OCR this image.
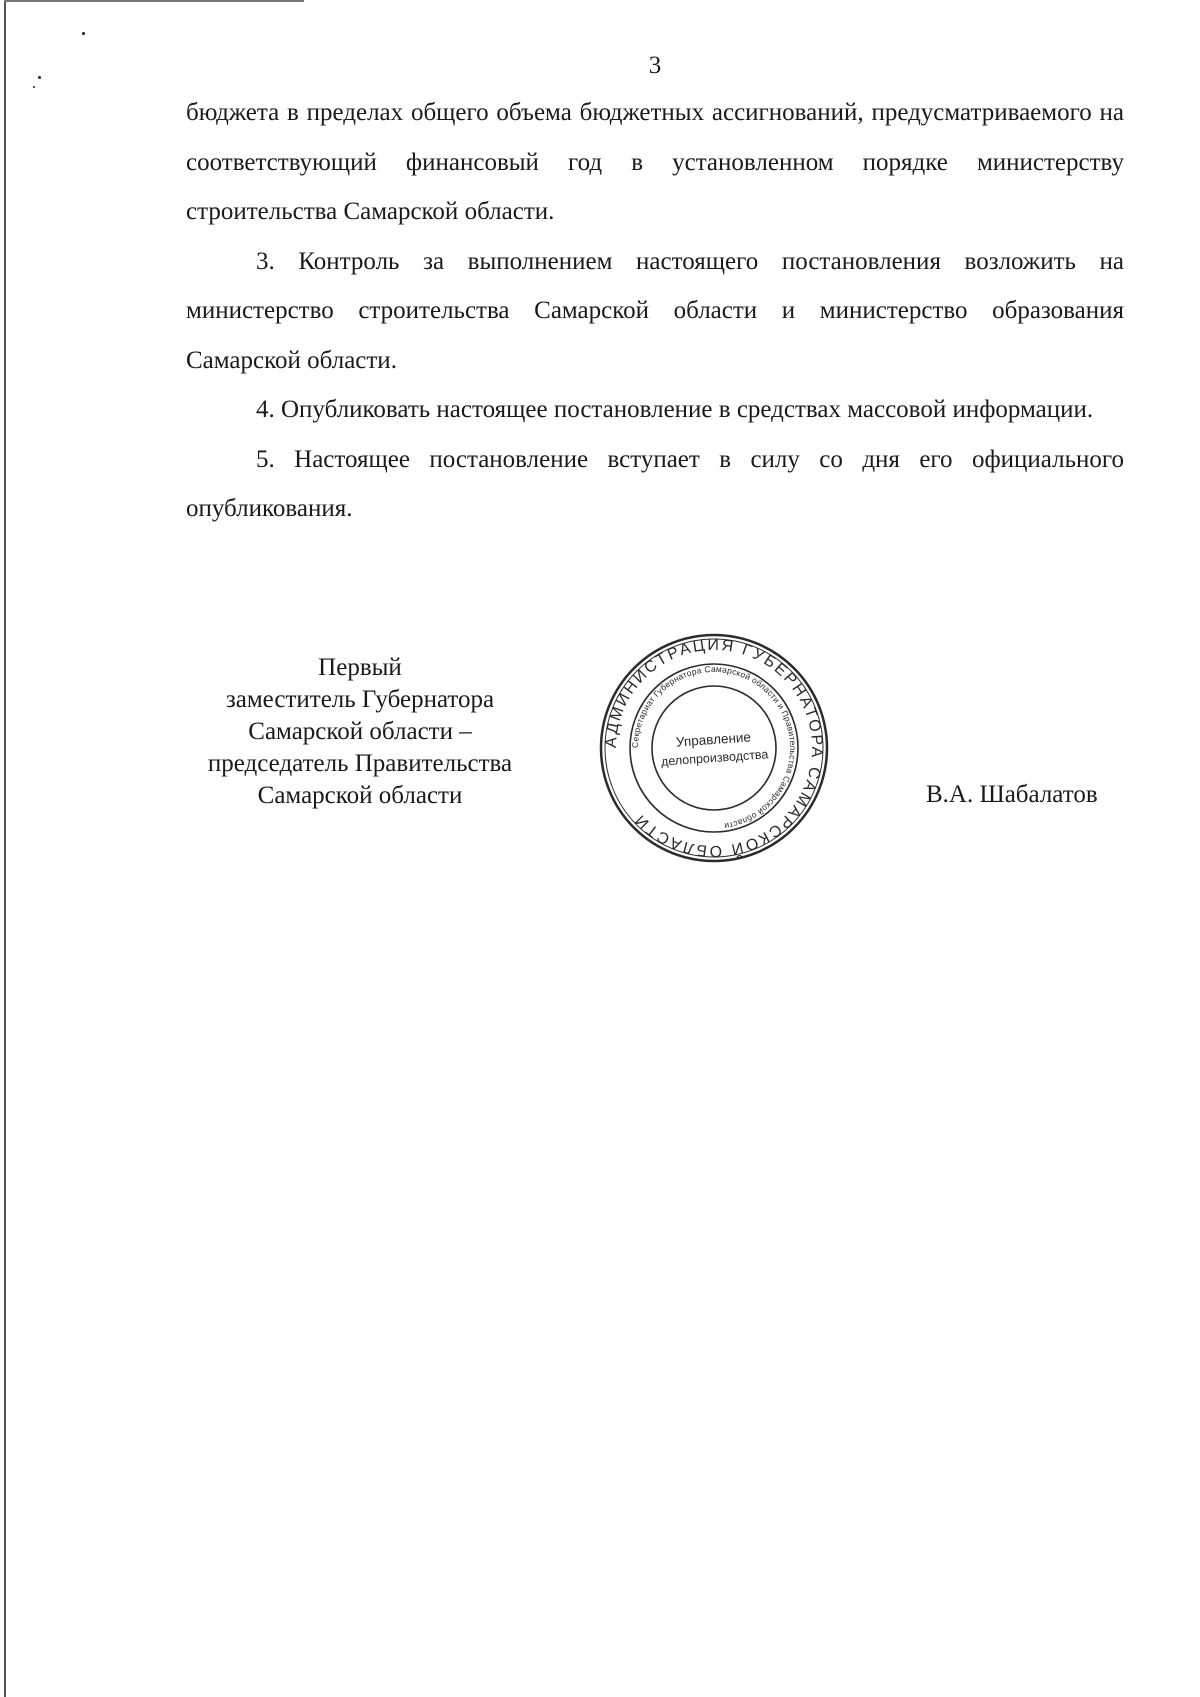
3

бюджета в пределах общего объема бюджетных ассигнований, предусматриваемого на соответствующий финансовый год в установленном порядке министерству строительства Самарской области.

3. Контроль за выполнением настоящего постановления возложить на министерство строительства Самарской области и министерство образования Самарской области.

4. Опубликовать настоящее постановление в средствах массовой информации.

5. Настоящее постановление вступает в силу со дня его официального опубликования.

Первый
заместитель Губернатора
Самарской области –
председатель Правительства
Самарской области
АДМИНИСТРАЦИЯ ГУБЕРНАТОРА САМАРСКОЙ ОБЛАСТИ
Секретариат Губернатора Самарской области и Правительства Самарской области
Управление
делопроизводства
В.А. Шабалатов
